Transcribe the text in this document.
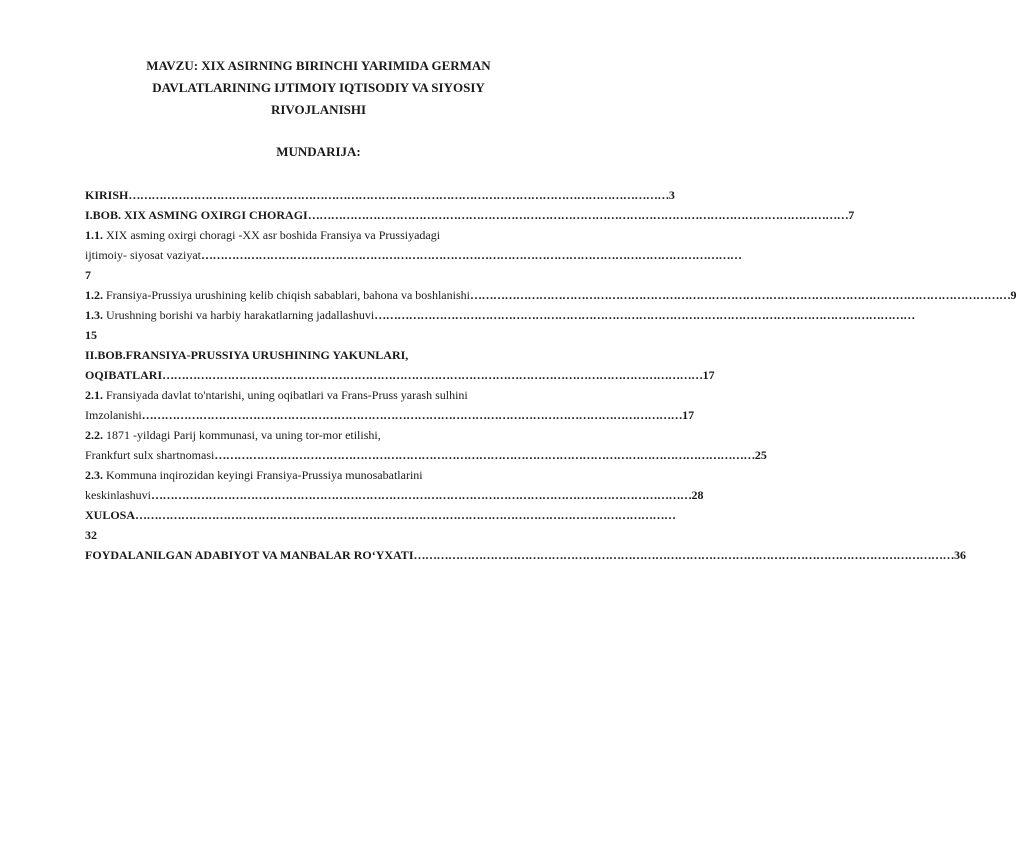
MAVZU: XIX ASIRNING BIRINCHI YARIMIDA GERMAN

DAVLATLARINING IJTIMOIY IQTISODIY VA SIYOSIY

RIVOJLANISHI

MUNDARIJA:

KIRISH …………………………………………………………………………………………………………………………… 3
I.BOB. XIX ASMING OXIRGI CHORAGI …………………………………………………………………………………………………………………………… 7
1.1. XIX asming oxirgi choragi -XX asr boshida Fransiya va Prussiyadagi
ijtimoiy- siyosat vaziyat ……………………………………………………………………………………………………………………………
7
1.2. Fransiya-Prussiya urushining kelib chiqish sabablari, bahona va boshlanishi …………………………………………………………………………………………………………………………… 9
1.3. Urushning borishi va harbiy harakatlarning jadallashuvi ……………………………………………………………………………………………………………………………
15
II.BOB.FRANSIYA-PRUSSIYA URUSHINING YAKUNLARI,
OQIBATLARI …………………………………………………………………………………………………………………………… 17
2.1. Fransiyada davlat to'ntarishi, uning oqibatlari va Frans-Pruss yarash sulhini
Imzolanishi …………………………………………………………………………………………………………………………… 17
2.2. 1871 -yildagi Parij kommunasi, va uning tor-mor etilishi,
Frankfurt sulx shartnomasi …………………………………………………………………………………………………………………………… 25
2.3. Kommuna inqirozidan keyingi Fransiya-Prussiya munosabatlarini
keskinlashuvi …………………………………………………………………………………………………………………………… 28
XULOSA ……………………………………………………………………………………………………………………………
32
FOYDALANILGAN ADABIYOT VA MANBALAR RO‘YXATI …………………………………………………………………………………………………………………………… 36
